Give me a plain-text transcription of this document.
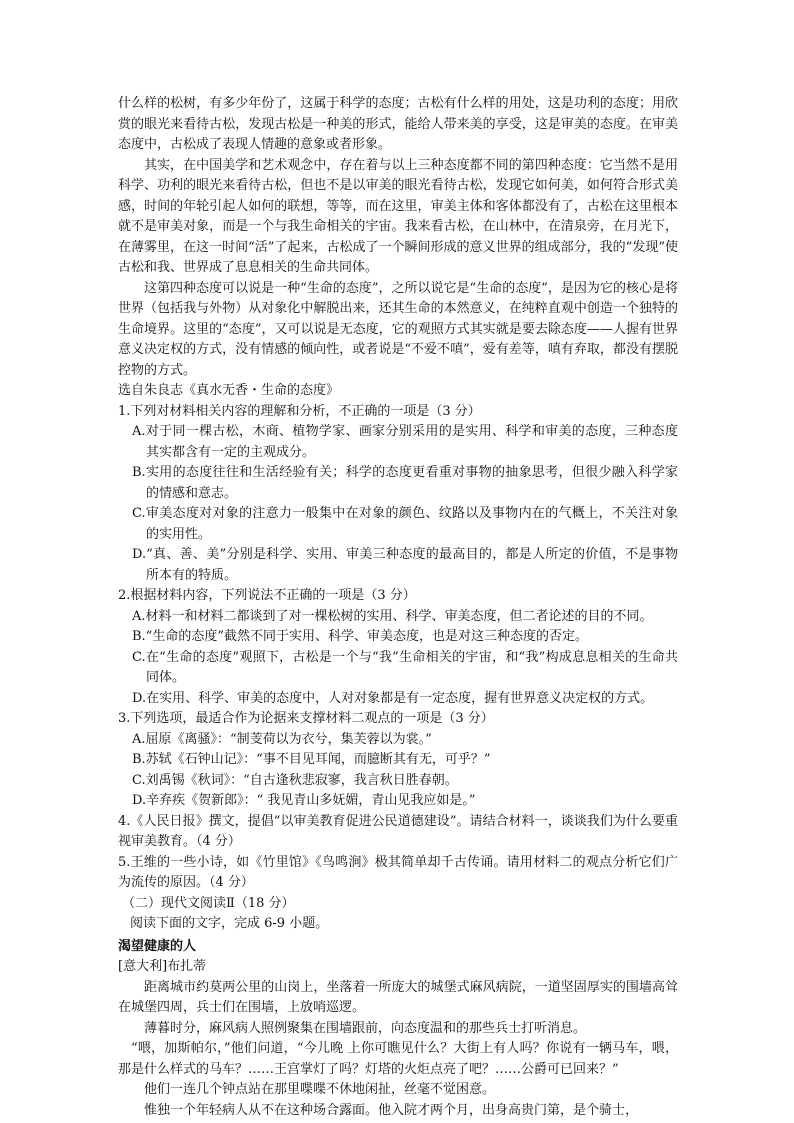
什么样的松树，有多少年份了，这属于科学的态度；古松有什么样的用处，这是功利的态度；用欣赏的眼光来看待古松，发现古松是一种美的形式，能给人带来美的享受，这是审美的态度。在审美态度中，古松成了表现人情趣的意象或者形象。

其实，在中国美学和艺术观念中，存在着与以上三种态度都不同的第四种态度：它当然不是用科学、功利的眼光来看待古松，但也不是以审美的眼光看待古松，发现它如何美，如何符合形式美感，时间的年轮引起人如何的联想，等等，而在这里，审美主体和客体都没有了，古松在这里根本就不是审美对象，而是一个与我生命相关的宇宙。我来看古松，在山林中，在清泉旁，在月光下，在薄雾里，在这一时间“活”了起来，古松成了一个瞬间形成的意义世界的组成部分，我的“发现”使古松和我、世界成了息息相关的生命共同体。

这第四种态度可以说是一种“生命的态度”，之所以说它是“生命的态度”，是因为它的核心是将世界（包括我与外物）从对象化中解脱出来，还其生命的本然意义，在纯粹直观中创造一个独特的生命境界。这里的“态度”，又可以说是无态度，它的观照方式其实就是要去除态度——人握有世界意义决定权的方式，没有情感的倾向性，或者说是“不爱不嗔”，爱有差等，嗔有弃取，都没有摆脱控物的方式。

选自朱良志《真水无香・生命的态度》

1.下列对材料相关内容的理解和分析，不正确的一项是（3 分）

A.对于同一棵古松，木商、植物学家、画家分别采用的是实用、科学和审美的态度，三种态度其实都含有一定的主观成分。

B.实用的态度往往和生活经验有关；科学的态度更看重对事物的抽象思考，但很少融入科学家的情感和意志。

C.审美态度对对象的注意力一般集中在对象的颜色、纹路以及事物内在的气概上，不关注对象的实用性。

D.“真、善、美”分别是科学、实用、审美三种态度的最高目的，都是人所定的价值，不是事物所本有的特质。

2.根据材料内容，下列说法不正确的一项是（3 分）

A.材料一和材料二都谈到了对一棵松树的实用、科学、审美态度，但二者论述的目的不同。

B.“生命的态度”截然不同于实用、科学、审美态度，也是对这三种态度的否定。

C.在“生命的态度”观照下，古松是一个与“我”生命相关的宇宙，和“我”构成息息相关的生命共同体。

D.在实用、科学、审美的态度中，人对对象都是有一定态度，握有世界意义决定权的方式。

3.下列选项，最适合作为论据来支撑材料二观点的一项是（3 分）

A.屈原《离骚》：“制芰荷以为衣兮，集芙蓉以为裳。”

B.苏轼《石钟山记》：“事不目见耳闻，而臆断其有无，可乎？”

C.刘禹锡《秋词》：“自古逢秋悲寂寥，我言秋日胜春朝。

D.辛弃疾《贺新郎》：“ 我见青山多妩媚，青山见我应如是。”

4.《人民日报》撰文，提倡“以审美教育促进公民道德建设”。请结合材料一，谈谈我们为什么要重视审美教育。（4 分）

5.王维的一些小诗，如《竹里馆》《鸟鸣涧》极其简单却千古传诵。请用材料二的观点分析它们广为流传的原因。（4 分）

（二）现代文阅读Ⅱ（18 分）

阅读下面的文字，完成 6-9 小题。

渴望健康的人

[意大利]布扎蒂

距离城市约莫两公里的山岗上，坐落着一所庞大的城堡式麻风病院，一道坚固厚实的围墙高耸在城堡四周，兵士们在围墙，上放哨巡逻。

薄暮时分，麻风病人照例聚集在围墙跟前，向态度温和的那些兵士打听消息。

“喂，加斯帕尔，”他们问道，“今儿晚 上你可瞧见什么？大街上有人吗？你说有一辆马车，喂，那是什么样式的马车？……王宫掌灯了吗？灯塔的火炬点亮了吧？……公爵可已回来？”

他们一连几个钟点站在那里喋喋不休地闲扯，丝毫不觉困意。

惟独一个年轻病人从不在这种场合露面。他入院才两个月，出身高贵门第，是个骑士，
